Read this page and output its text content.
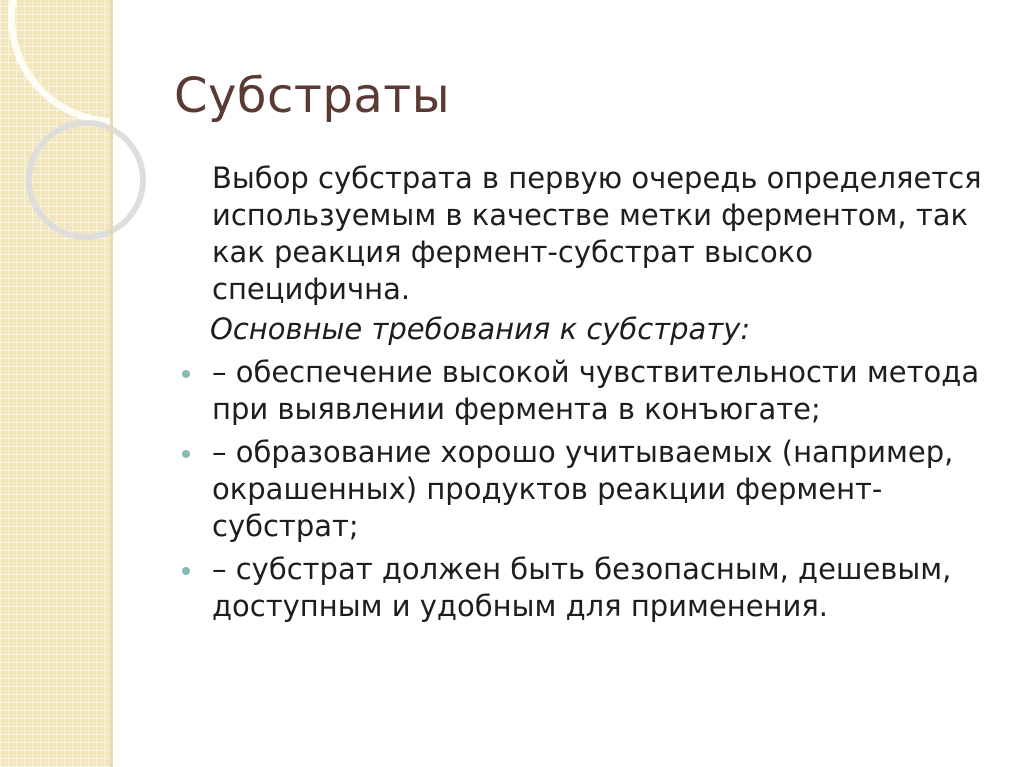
Субстраты

Выбор субстрата в первую очередь определяется используемым в качестве метки ферментом, так как реакция фермент-субстрат высоко специфична.

Основные требования к субстрату:

– обеспечение высокой чувствительности метода при выявлении фермента в конъюгате;
– образование хорошо учитываемых (например, окрашенных) продуктов реакции фермент-субстрат;
– субстрат должен быть безопасным, дешевым, доступным и удобным для применения.
